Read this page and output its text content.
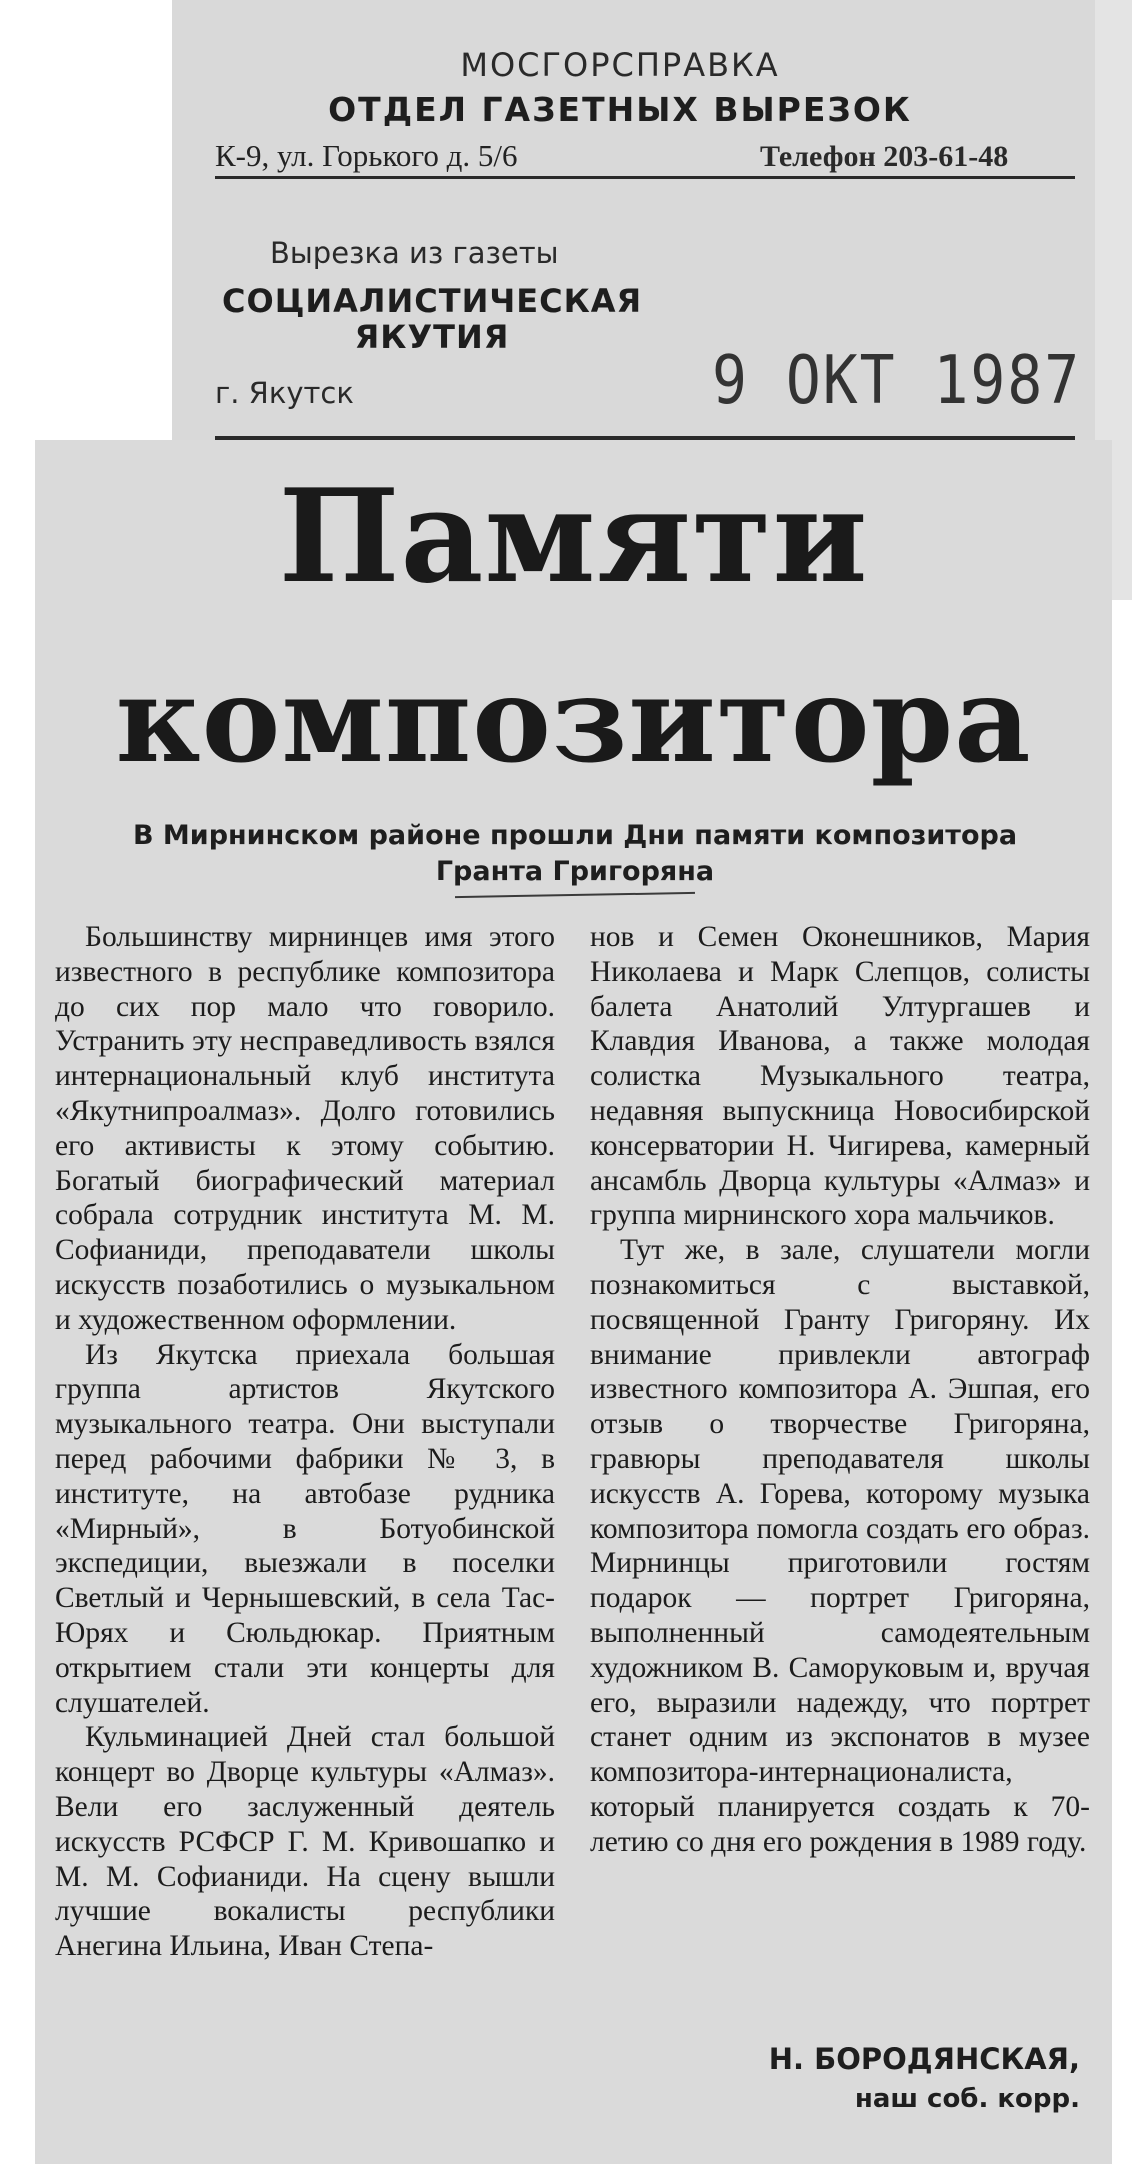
МОСГОРСПРАВКА
ОТДЕЛ ГАЗЕТНЫХ ВЫРЕЗОК
К-9, ул. Горького д. 5/6	Телефон 203-61-48
Вырезка из газеты
СОЦИАЛИСТИЧЕСКАЯ
ЯКУТИЯ
г. Якутск	9 ОКТ 1987
Памяти
композитора
В Мирнинском районе прошли Дни памяти композитора Гранта Григоряна

Большинству мирнинцев имя этого известного в республике композитора до сих пор мало что говорило. Устранить эту несправедливость взялся интернациональный клуб института «Якутнипроалмаз». Долго готовились его активисты к этому событию. Богатый биографический материал собрала сотрудник института М. М. Софианиди, преподаватели школы искусств позаботились о музыкальном и художественном оформлении.

Из Якутска приехала большая группа артистов Якутского музыкального театра. Они выступали перед рабочими фабрики № 3, в институте, на автобазе рудника «Мирный», в Ботуобинской экспедиции, выезжали в поселки Светлый и Чернышевский, в села Тас-Юрях и Сюльдюкар. Приятным открытием стали эти концерты для слушателей.

Кульминацией Дней стал большой концерт во Дворце культуры «Алмаз». Вели его заслуженный деятель искусств РСФСР Г. М. Кривошапко и М. М. Софианиди. На сцену вышли лучшие вокалисты республики Анегина Ильина, Иван Степа-

нов и Семен Оконешников, Мария Николаева и Марк Слепцов, солисты балета Анатолий Ултургашев и Клавдия Иванова, а также молодая солистка Музыкального театра, недавняя выпускница Новосибирской консерватории Н. Чигирева, камерный ансамбль Дворца культуры «Алмаз» и группа мирнинского хора мальчиков.

Тут же, в зале, слушатели могли познакомиться с выставкой, посвященной Гранту Григоряну. Их внимание привлекли автограф известного композитора А. Эшпая, его отзыв о творчестве Григоряна, гравюры преподавателя школы искусств А. Горева, которому музыка композитора помогла создать его образ. Мирнинцы приготовили гостям подарок — портрет Григоряна, выполненный самодеятельным художником В. Саморуковым и, вручая его, выразили надежду, что портрет станет одним из экспонатов в музее композитора-интернационалиста, который планируется создать к 70-летию со дня его рождения в 1989 году.

Н. БОРОДЯНСКАЯ,
наш соб. корр.
